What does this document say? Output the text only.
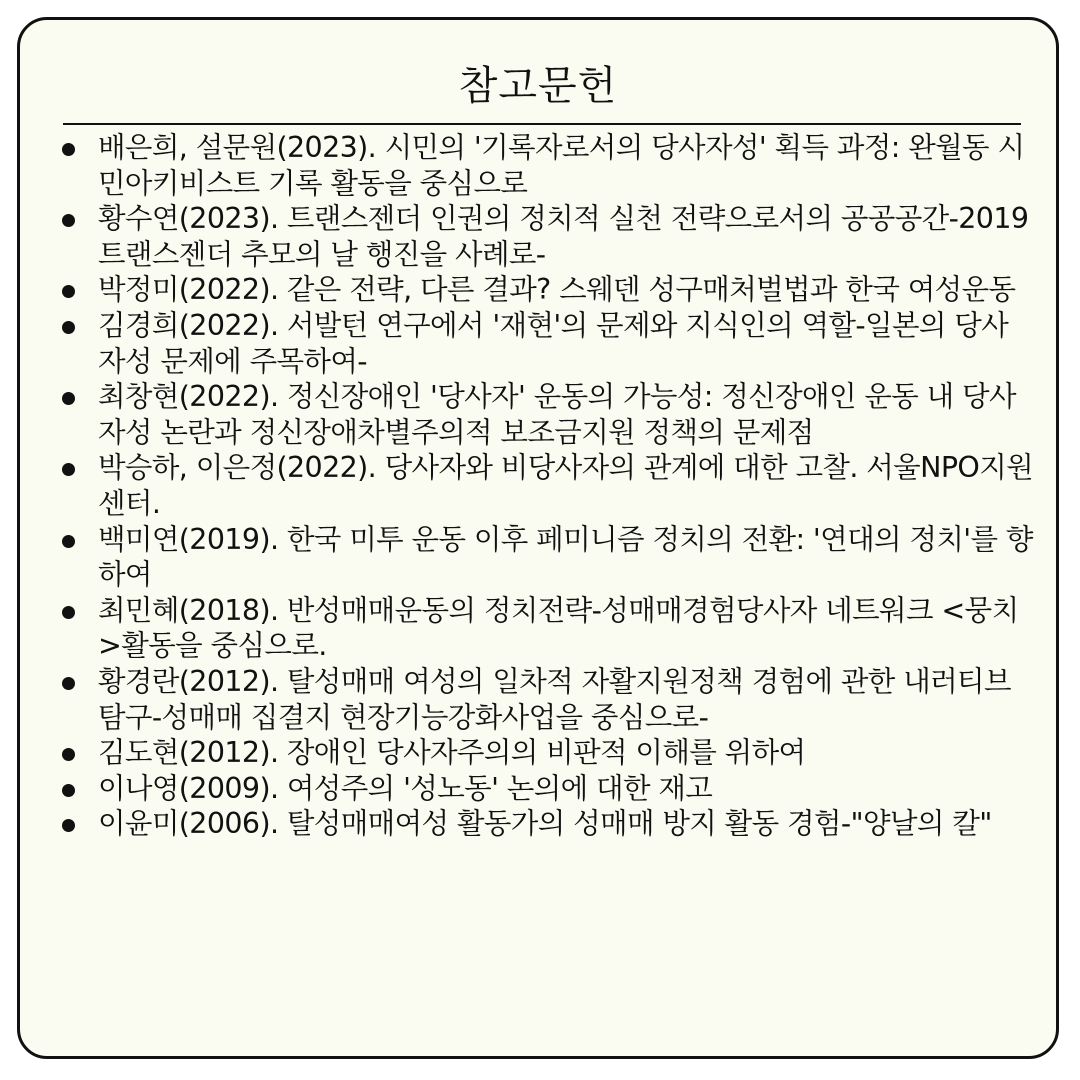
참고문헌
배은희, 설문원(2023). 시민의 '기록자로서의 당사자성' 획득 과정: 완월동 시민아키비스트 기록 활동을 중심으로
황수연(2023). 트랜스젠더 인권의 정치적 실천 전략으로서의 공공공간-2019 트랜스젠더 추모의 날 행진을 사례로-
박정미(2022). 같은 전략, 다른 결과? 스웨덴 성구매처벌법과 한국 여성운동
김경희(2022). 서발턴 연구에서 '재현'의 문제와 지식인의 역할-일본의 당사자성 문제에 주목하여-
최창현(2022). 정신장애인 '당사자' 운동의 가능성: 정신장애인 운동 내 당사자성 논란과 정신장애차별주의적 보조금지원 정책의 문제점
박승하, 이은정(2022). 당사자와 비당사자의 관계에 대한 고찰. 서울NPO지원센터.
백미연(2019). 한국 미투 운동 이후 페미니즘 정치의 전환: '연대의 정치'를 향하여
최민혜(2018). 반성매매운동의 정치전략-성매매경험당사자 네트워크 <뭉치>활동을 중심으로.
황경란(2012). 탈성매매 여성의 일차적 자활지원정책 경험에 관한 내러티브 탐구-성매매 집결지 현장기능강화사업을 중심으로-
김도현(2012). 장애인 당사자주의의 비판적 이해를 위하여
이나영(2009). 여성주의 '성노동' 논의에 대한 재고
이윤미(2006). 탈성매매여성 활동가의 성매매 방지 활동 경험-"양날의 칼"
